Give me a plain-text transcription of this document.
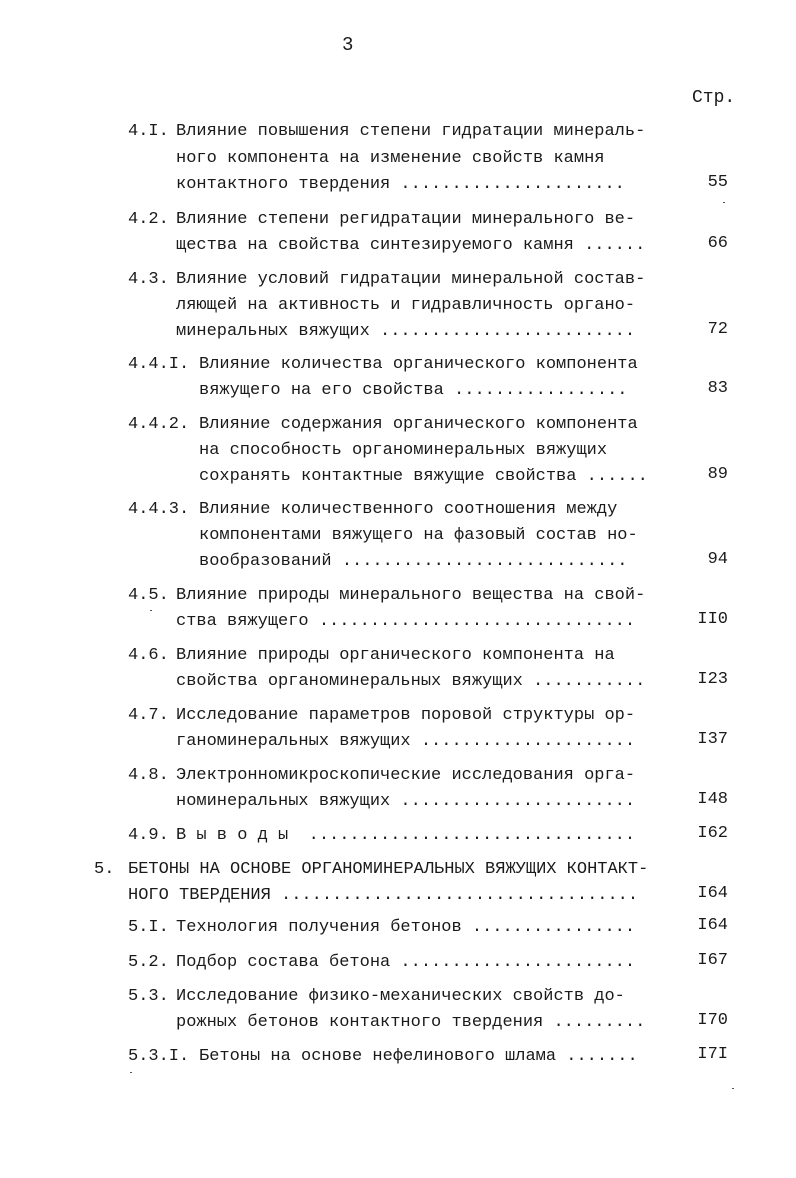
3
Стр.
4.I. Влияние повышения степени гидратации минераль-
ного компонента на изменение свойств камня
контактного твердения ......................	55
4.2. Влияние степени регидратации минерального ве-
щества на свойства синтезируемого камня ......	66
4.3. Влияние условий гидратации минеральной состав-
ляющей на активность и гидравличность органо-
минеральных вяжущих .........................	72
4.4.I. Влияние количества органического компонента
вяжущего на его свойства .................	83
4.4.2. Влияние содержания органического компонента
на способность органоминеральных вяжущих
сохранять контактные вяжущие свойства ......	89
4.4.3. Влияние количественного соотношения между
компонентами вяжущего на фазовый состав но-
вообразований ............................	94
4.5. Влияние природы минерального вещества на свой-
ства вяжущего ...............................	II0
4.6. Влияние природы органического компонента на
свойства органоминеральных вяжущих ...........	I23
4.7. Исследование параметров поровой структуры ор-
ганоминеральных вяжущих .....................	I37
4.8. Электронномикроскопические исследования орга-
номинеральных вяжущих .......................	I48
4.9. В ы в о д ы  ................................	I62
5. БЕТОНЫ НА ОСНОВЕ ОРГАНОМИНЕРАЛЬНЫХ ВЯЖУЩИХ КОНТАКТ-
НОГО ТВЕРДЕНИЯ ...................................	I64
5.I. Технология получения бетонов ................	I64
5.2. Подбор состава бетона .......................	I67
5.3. Исследование физико-механических свойств до-
рожных бетонов контактного твердения .........	I70
5.3.I. Бетоны на основе нефелинового шлама .......	I7I
